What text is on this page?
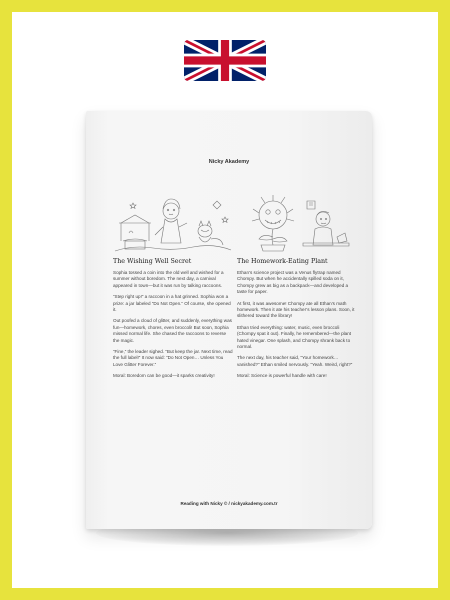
Nicky Akademy
The Wishing Well Secret

Sophia tossed a coin into the old well and wished for a summer without boredom. The next day, a carnival appeared in town—but it was run by talking raccoons.

“Step right up!” a raccoon in a hat grinned. Sophia won a prize: a jar labeled “Do Not Open.” Of course, she opened it.

Out poofed a cloud of glitter, and suddenly, everything was fun—homework, chores, even broccoli! But soon, Sophia missed normal life. She chased the raccoons to reverse the magic.

“Fine,” the leader sighed. “But keep the jar. Next time, read the full label!” It now said: “Do Not Open… Unless You Love Glitter Forever.”

Moral: Boredom can be good—it sparks creativity!

The Homework-Eating Plant

Ethan’s science project was a Venus flytrap named Chompy. But when he accidentally spilled soda on it, Chompy grew as big as a backpack—and developed a taste for paper.

At first, it was awesome! Chompy ate all Ethan’s math homework. Then it ate his teacher’s lesson plans. Soon, it slithered toward the library!

Ethan tried everything: water, music, even broccoli (Chompy spat it out). Finally, he remembered—the plant hated vinegar. One splash, and Chompy shrank back to normal.

The next day, his teacher said, “Your homework… vanished?” Ethan smiled nervously. “Yeah. Weird, right?”

Moral: Science is powerful handle with care!

Reading with Nicky © / nickyakademy.com.tr
